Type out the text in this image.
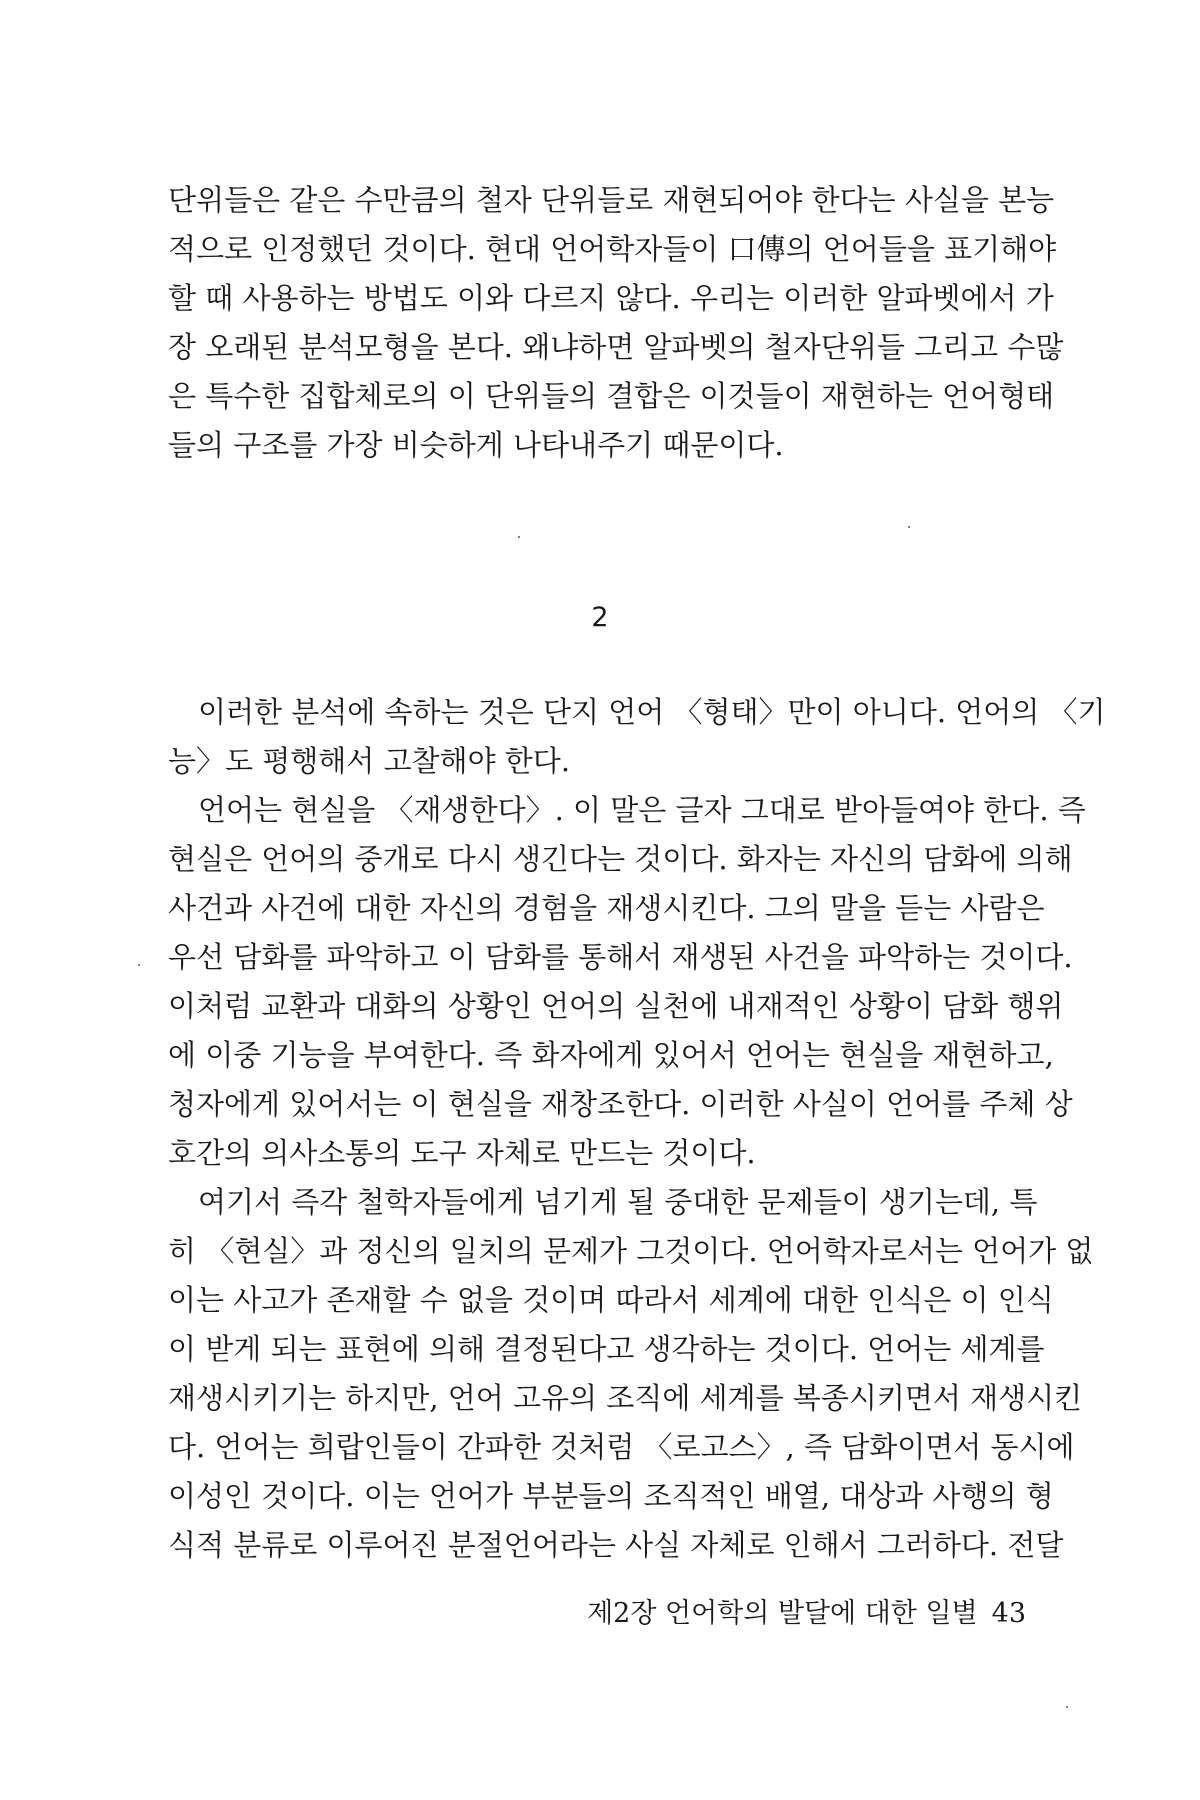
단위들은 같은 수만큼의 철자 단위들로 재현되어야 한다는 사실을 본능
적으로 인정했던 것이다. 현대 언어학자들이 口傳의 언어들을 표기해야
할 때 사용하는 방법도 이와 다르지 않다. 우리는 이러한 알파벳에서 가
장 오래된 분석모형을 본다. 왜냐하면 알파벳의 철자단위들 그리고 수많
은 특수한 집합체로의 이 단위들의 결합은 이것들이 재현하는 언어형태
들의 구조를 가장 비슷하게 나타내주기 때문이다.
2
이러한 분석에 속하는 것은 단지 언어 〈형태〉만이 아니다. 언어의 〈기
능〉도 평행해서 고찰해야 한다.
언어는 현실을 〈재생한다〉. 이 말은 글자 그대로 받아들여야 한다. 즉
현실은 언어의 중개로 다시 생긴다는 것이다. 화자는 자신의 담화에 의해
사건과 사건에 대한 자신의 경험을 재생시킨다. 그의 말을 듣는 사람은
우선 담화를 파악하고 이 담화를 통해서 재생된 사건을 파악하는 것이다.
이처럼 교환과 대화의 상황인 언어의 실천에 내재적인 상황이 담화 행위
에 이중 기능을 부여한다. 즉 화자에게 있어서 언어는 현실을 재현하고,
청자에게 있어서는 이 현실을 재창조한다. 이러한 사실이 언어를 주체 상
호간의 의사소통의 도구 자체로 만드는 것이다.
여기서 즉각 철학자들에게 넘기게 될 중대한 문제들이 생기는데, 특
히 〈현실〉과 정신의 일치의 문제가 그것이다. 언어학자로서는 언어가 없
이는 사고가 존재할 수 없을 것이며 따라서 세계에 대한 인식은 이 인식
이 받게 되는 표현에 의해 결정된다고 생각하는 것이다. 언어는 세계를
재생시키기는 하지만, 언어 고유의 조직에 세계를 복종시키면서 재생시킨
다. 언어는 희랍인들이 간파한 것처럼 〈로고스〉, 즉 담화이면서 동시에
이성인 것이다. 이는 언어가 부분들의 조직적인 배열, 대상과 사행의 형
식적 분류로 이루어진 분절언어라는 사실 자체로 인해서 그러하다. 전달
제2장 언어학의 발달에 대한 일별 43
